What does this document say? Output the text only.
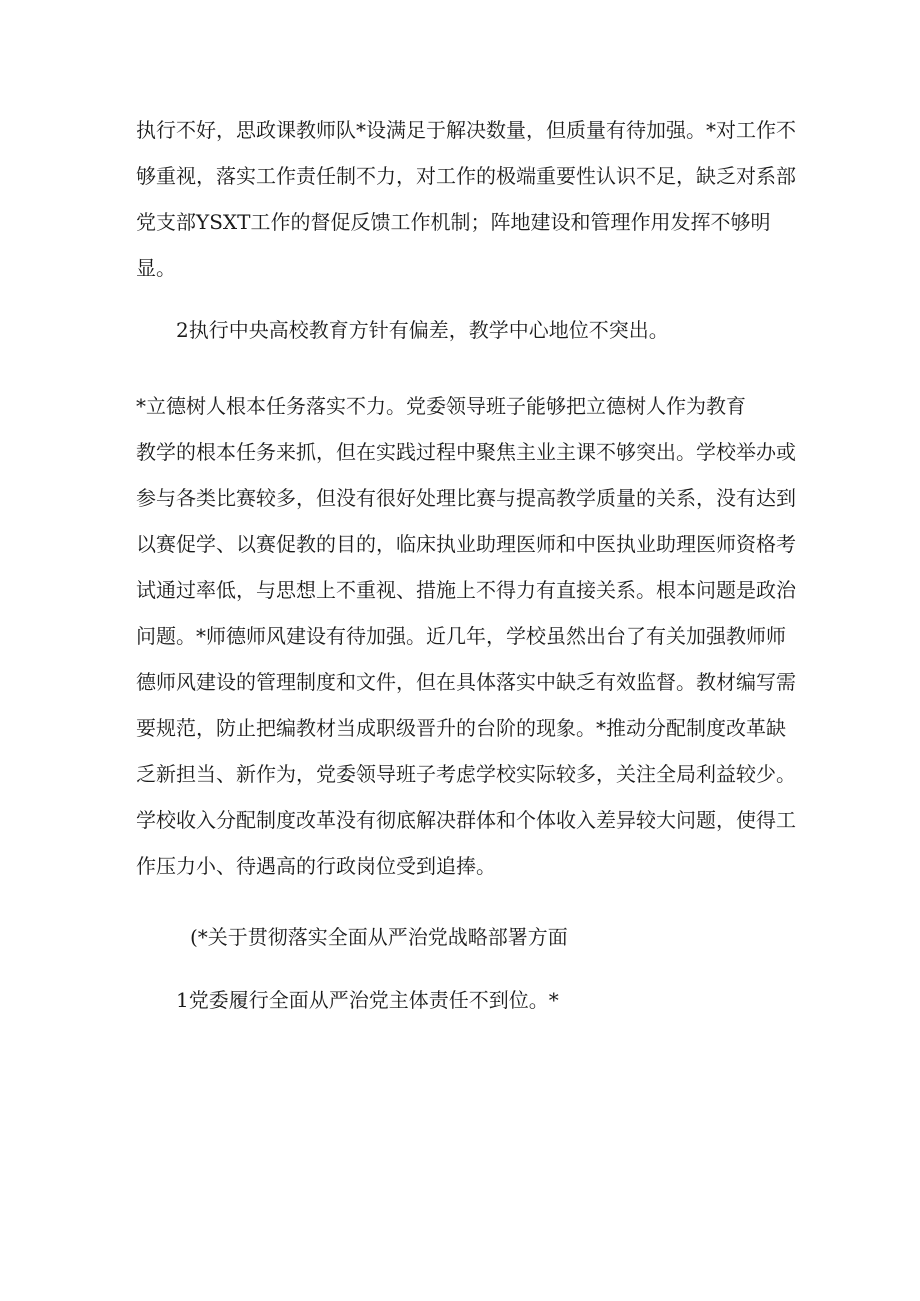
执行不好，思政课教师队*设满足于解决数量，但质量有待加强。*对工作不
够重视，落实工作责任制不力，对工作的极端重要性认识不足，缺乏对系部
党支部YSXT工作的督促反馈工作机制；阵地建设和管理作用发挥不够明
显。

2执行中央高校教育方针有偏差，教学中心地位不突出。

*立德树人根本任务落实不力。党委领导班子能够把立德树人作为教育
教学的根本任务来抓，但在实践过程中聚焦主业主课不够突出。学校举办或
参与各类比赛较多，但没有很好处理比赛与提高教学质量的关系，没有达到
以赛促学、以赛促教的目的，临床执业助理医师和中医执业助理医师资格考
试通过率低，与思想上不重视、措施上不得力有直接关系。根本问题是政治
问题。*师德师风建设有待加强。近几年，学校虽然出台了有关加强教师师
德师风建设的管理制度和文件，但在具体落实中缺乏有效监督。教材编写需
要规范，防止把编教材当成职级晋升的台阶的现象。*推动分配制度改革缺
乏新担当、新作为，党委领导班子考虑学校实际较多，关注全局利益较少。
学校收入分配制度改革没有彻底解决群体和个体收入差异较大问题，使得工
作压力小、待遇高的行政岗位受到追捧。

(*关于贯彻落实全面从严治党战略部署方面

1党委履行全面从严治党主体责任不到位。*
